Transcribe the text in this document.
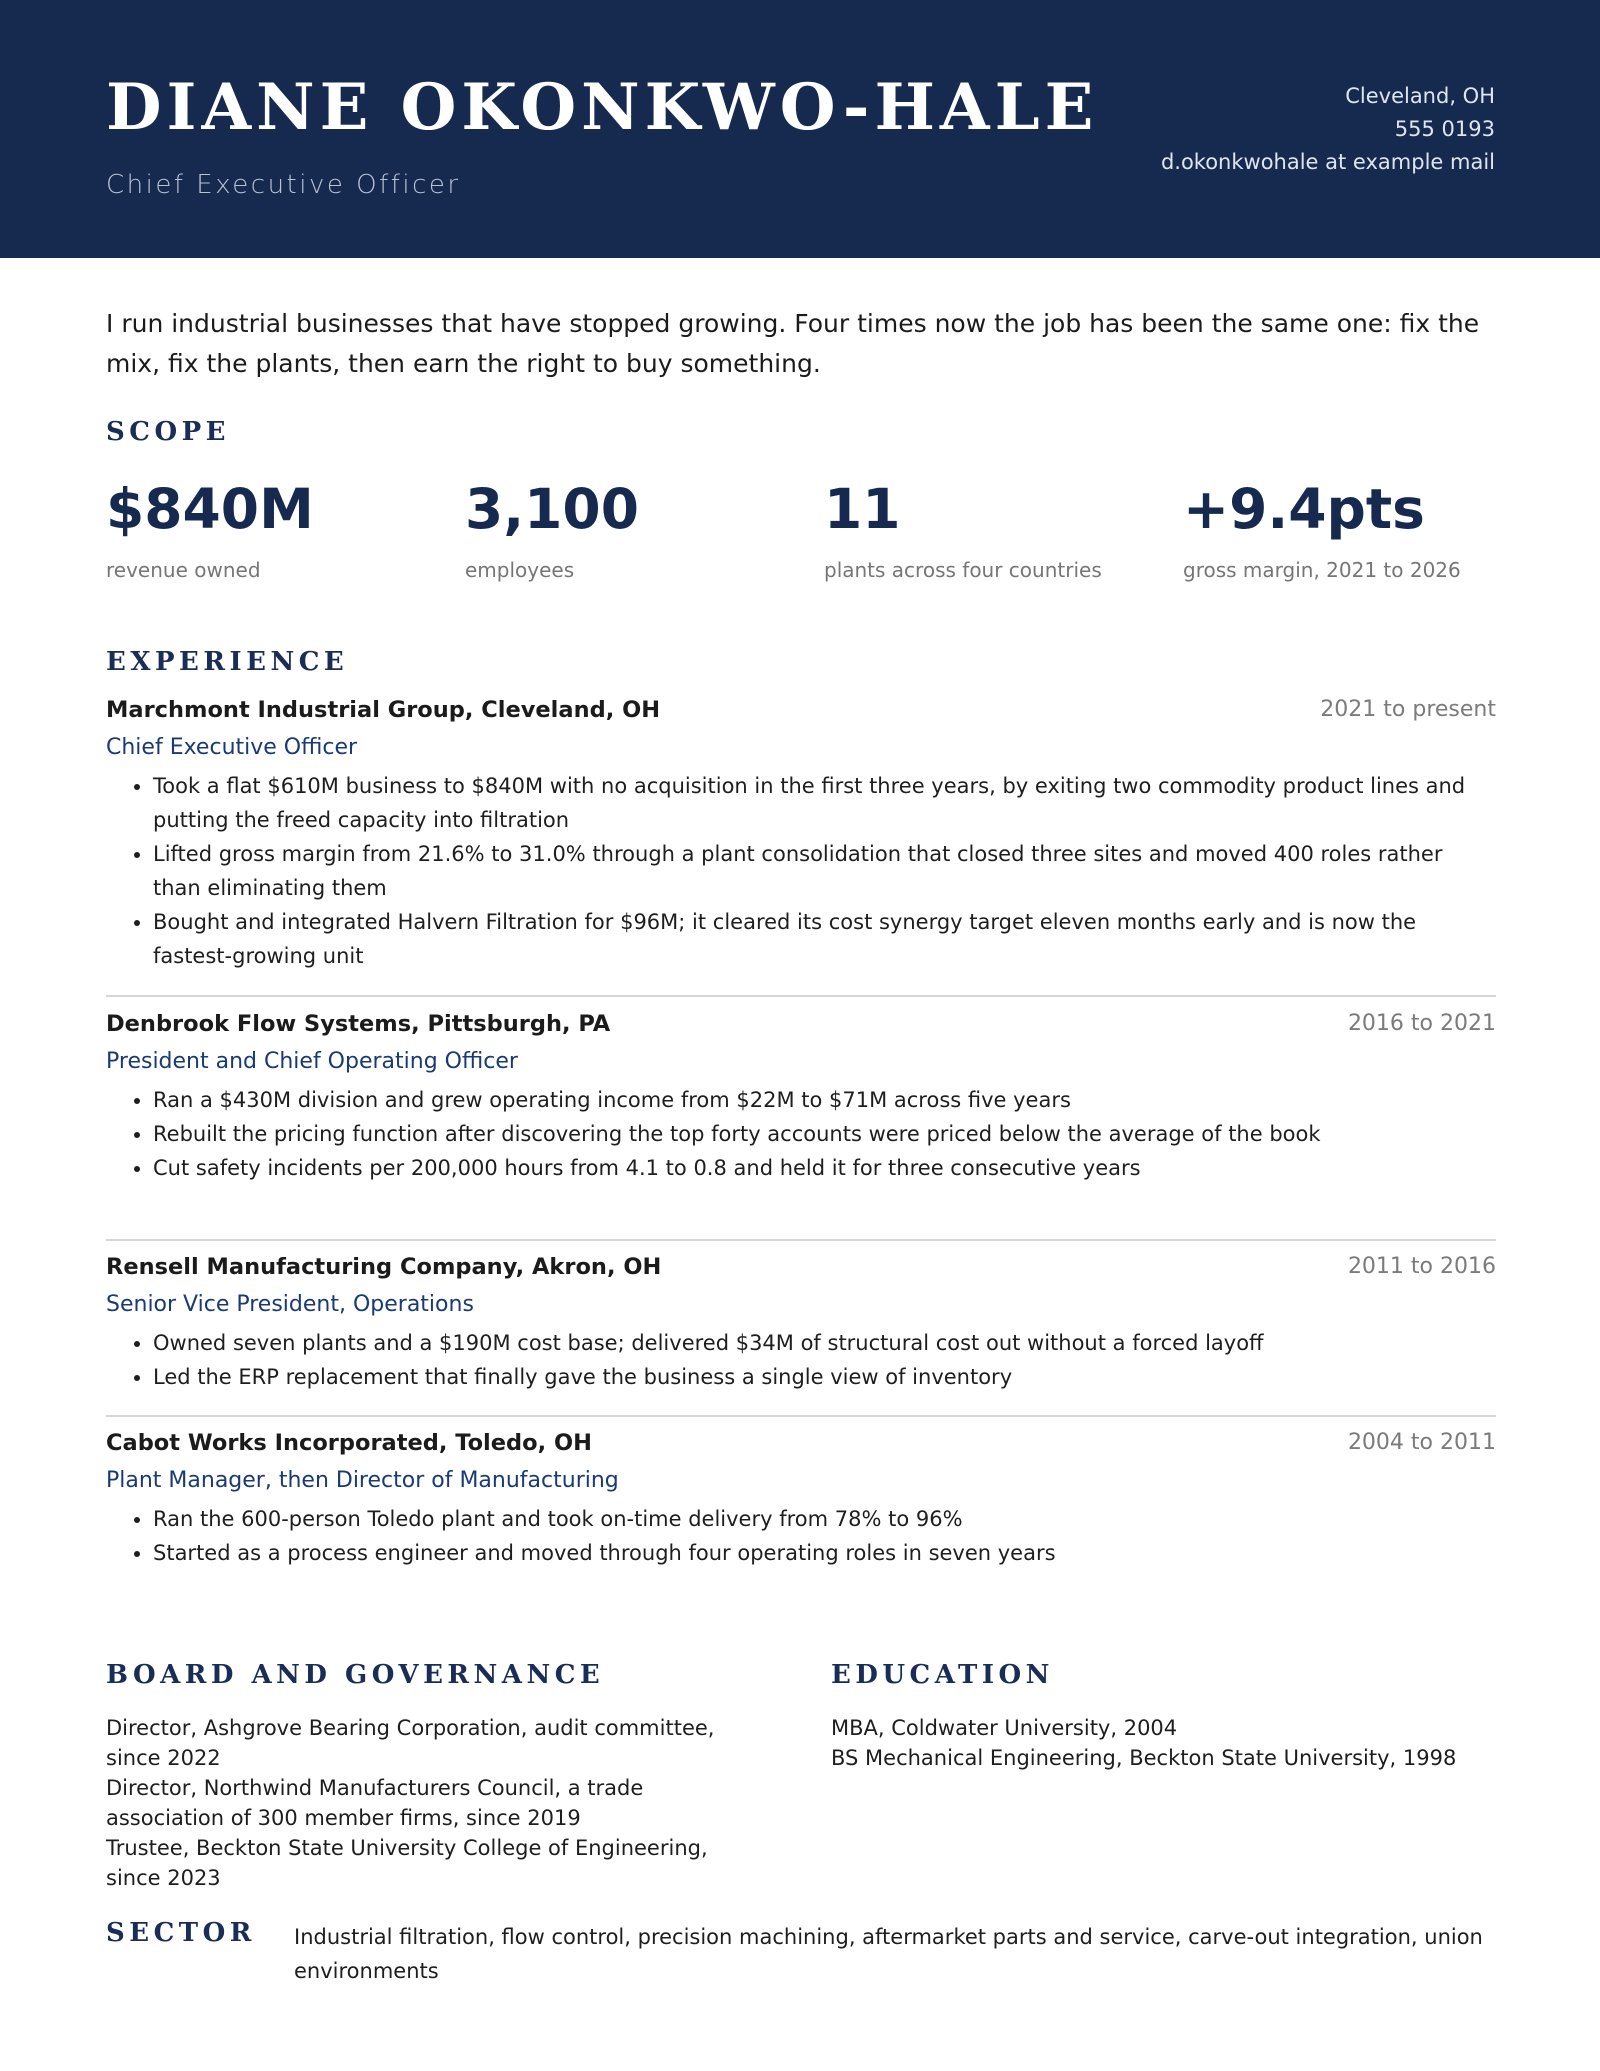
DIANE OKONKWO-HALE
Chief Executive Officer
Cleveland, OH
555 0193
d.okonkwohale at example mail

I run industrial businesses that have stopped growing. Four times now the job has been the same one: fix the mix, fix the plants, then earn the right to buy something.

SCOPE
$840M
revenue owned
3,100
employees
11
plants across four countries
+9.4pts
gross margin, 2021 to 2026
EXPERIENCE
Marchmont Industrial Group, Cleveland, OH	2021 to present
Chief Executive Officer
Took a flat $610M business to $840M with no acquisition in the first three years, by exiting two commodity product lines and putting the freed capacity into filtration
Lifted gross margin from 21.6% to 31.0% through a plant consolidation that closed three sites and moved 400 roles rather than eliminating them
Bought and integrated Halvern Filtration for $96M; it cleared its cost synergy target eleven months early and is now the fastest-growing unit
Denbrook Flow Systems, Pittsburgh, PA	2016 to 2021
President and Chief Operating Officer
Ran a $430M division and grew operating income from $22M to $71M across five years
Rebuilt the pricing function after discovering the top forty accounts were priced below the average of the book
Cut safety incidents per 200,000 hours from 4.1 to 0.8 and held it for three consecutive years
Rensell Manufacturing Company, Akron, OH	2011 to 2016
Senior Vice President, Operations
Owned seven plants and a $190M cost base; delivered $34M of structural cost out without a forced layoff
Led the ERP replacement that finally gave the business a single view of inventory
Cabot Works Incorporated, Toledo, OH	2004 to 2011
Plant Manager, then Director of Manufacturing
Ran the 600-person Toledo plant and took on-time delivery from 78% to 96%
Started as a process engineer and moved through four operating roles in seven years
BOARD AND GOVERNANCE
Director, Ashgrove Bearing Corporation, audit committee, since 2022
Director, Northwind Manufacturers Council, a trade association of 300 member firms, since 2019
Trustee, Beckton State University College of Engineering, since 2023
EDUCATION
MBA, Coldwater University, 2004
BS Mechanical Engineering, Beckton State University, 1998
SECTOR Industrial filtration, flow control, precision machining, aftermarket parts and service, carve-out integration, union environments
